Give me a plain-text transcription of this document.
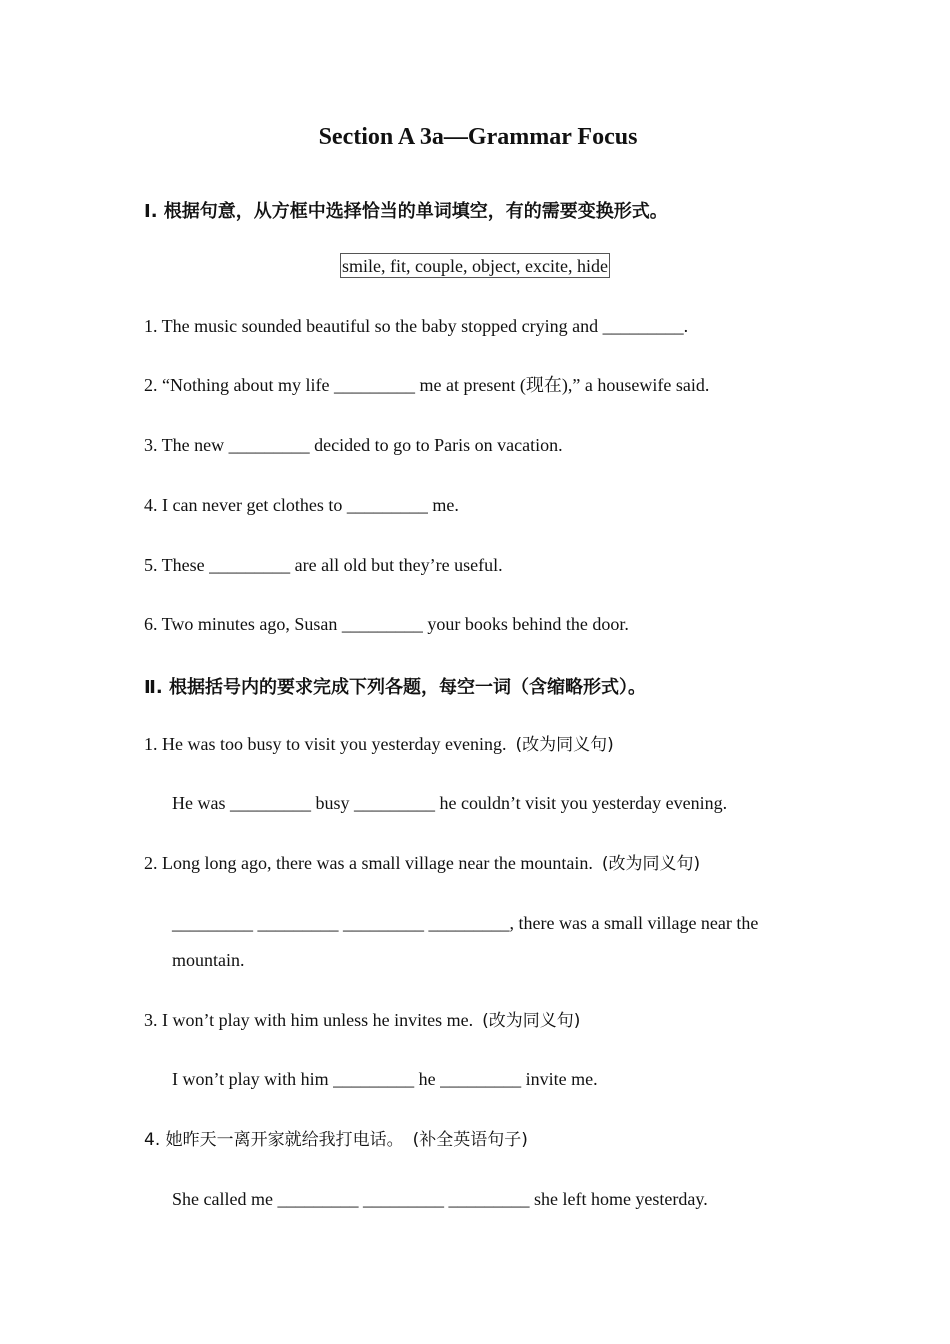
Section A 3a—Grammar Focus

Ⅰ. 根据句意，从方框中选择恰当的单词填空，有的需要变换形式。

smile, fit, couple, object, excite, hide

1. The music sounded beautiful so the baby stopped crying and _________.

2. “Nothing about my life _________ me at present (现在),” a housewife said.

3. The new _________ decided to go to Paris on vacation.

4. I can never get clothes to _________ me.

5. These _________ are all old but they’re useful.

6. Two minutes ago, Susan _________ your books behind the door.

Ⅱ. 根据括号内的要求完成下列各题，每空一词（含缩略形式）。

1. He was too busy to visit you yesterday evening. (改为同义句)

He was _________ busy _________ he couldn’t visit you yesterday evening.

2. Long long ago, there was a small village near the mountain. (改为同义句)

_________ _________ _________ _________, there was a small village near the

mountain.

3. I won’t play with him unless he invites me. (改为同义句)

I won’t play with him _________ he _________ invite me.

4. 她昨天一离开家就给我打电话。 (补全英语句子)

She called me _________ _________ _________ she left home yesterday.
